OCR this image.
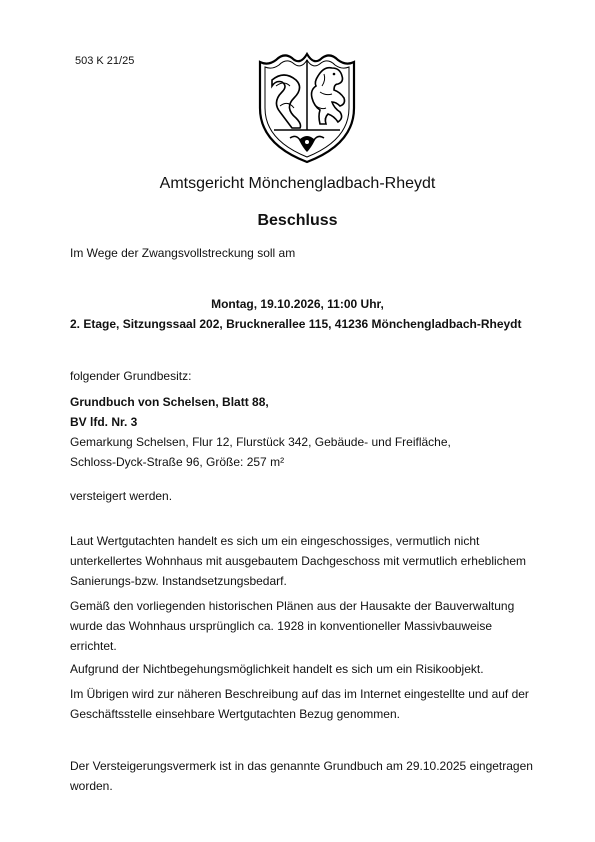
503 K 21/25
Amtsgericht Mönchengladbach-Rheydt
Beschluss
Im Wege der Zwangsvollstreckung soll am
Montag, 19.10.2026, 11:00 Uhr,
2. Etage, Sitzungssaal 202, Brucknerallee 115, 41236 Mönchengladbach-Rheydt
folgender Grundbesitz:
Grundbuch von Schelsen, Blatt 88,
BV lfd. Nr. 3
Gemarkung Schelsen, Flur 12, Flurstück 342, Gebäude- und Freifläche,
Schloss-Dyck-Straße 96, Größe: 257 m²
versteigert werden.
Laut Wertgutachten handelt es sich um ein eingeschossiges, vermutlich nicht unterkellertes Wohnhaus mit ausgebautem Dachgeschoss mit vermutlich erheblichem Sanierungs-bzw. Instandsetzungsbedarf.
Gemäß den vorliegenden historischen Plänen aus der Hausakte der Bauverwaltung wurde das Wohnhaus ursprünglich ca. 1928 in konventioneller Massivbauweise errichtet.
Aufgrund der Nichtbegehungsmöglichkeit handelt es sich um ein Risikoobjekt.
Im Übrigen wird zur näheren Beschreibung auf das im Internet eingestellte und auf der Geschäftsstelle einsehbare Wertgutachten Bezug genommen.
Der Versteigerungsvermerk ist in das genannte Grundbuch am 29.10.2025 eingetragen worden.
